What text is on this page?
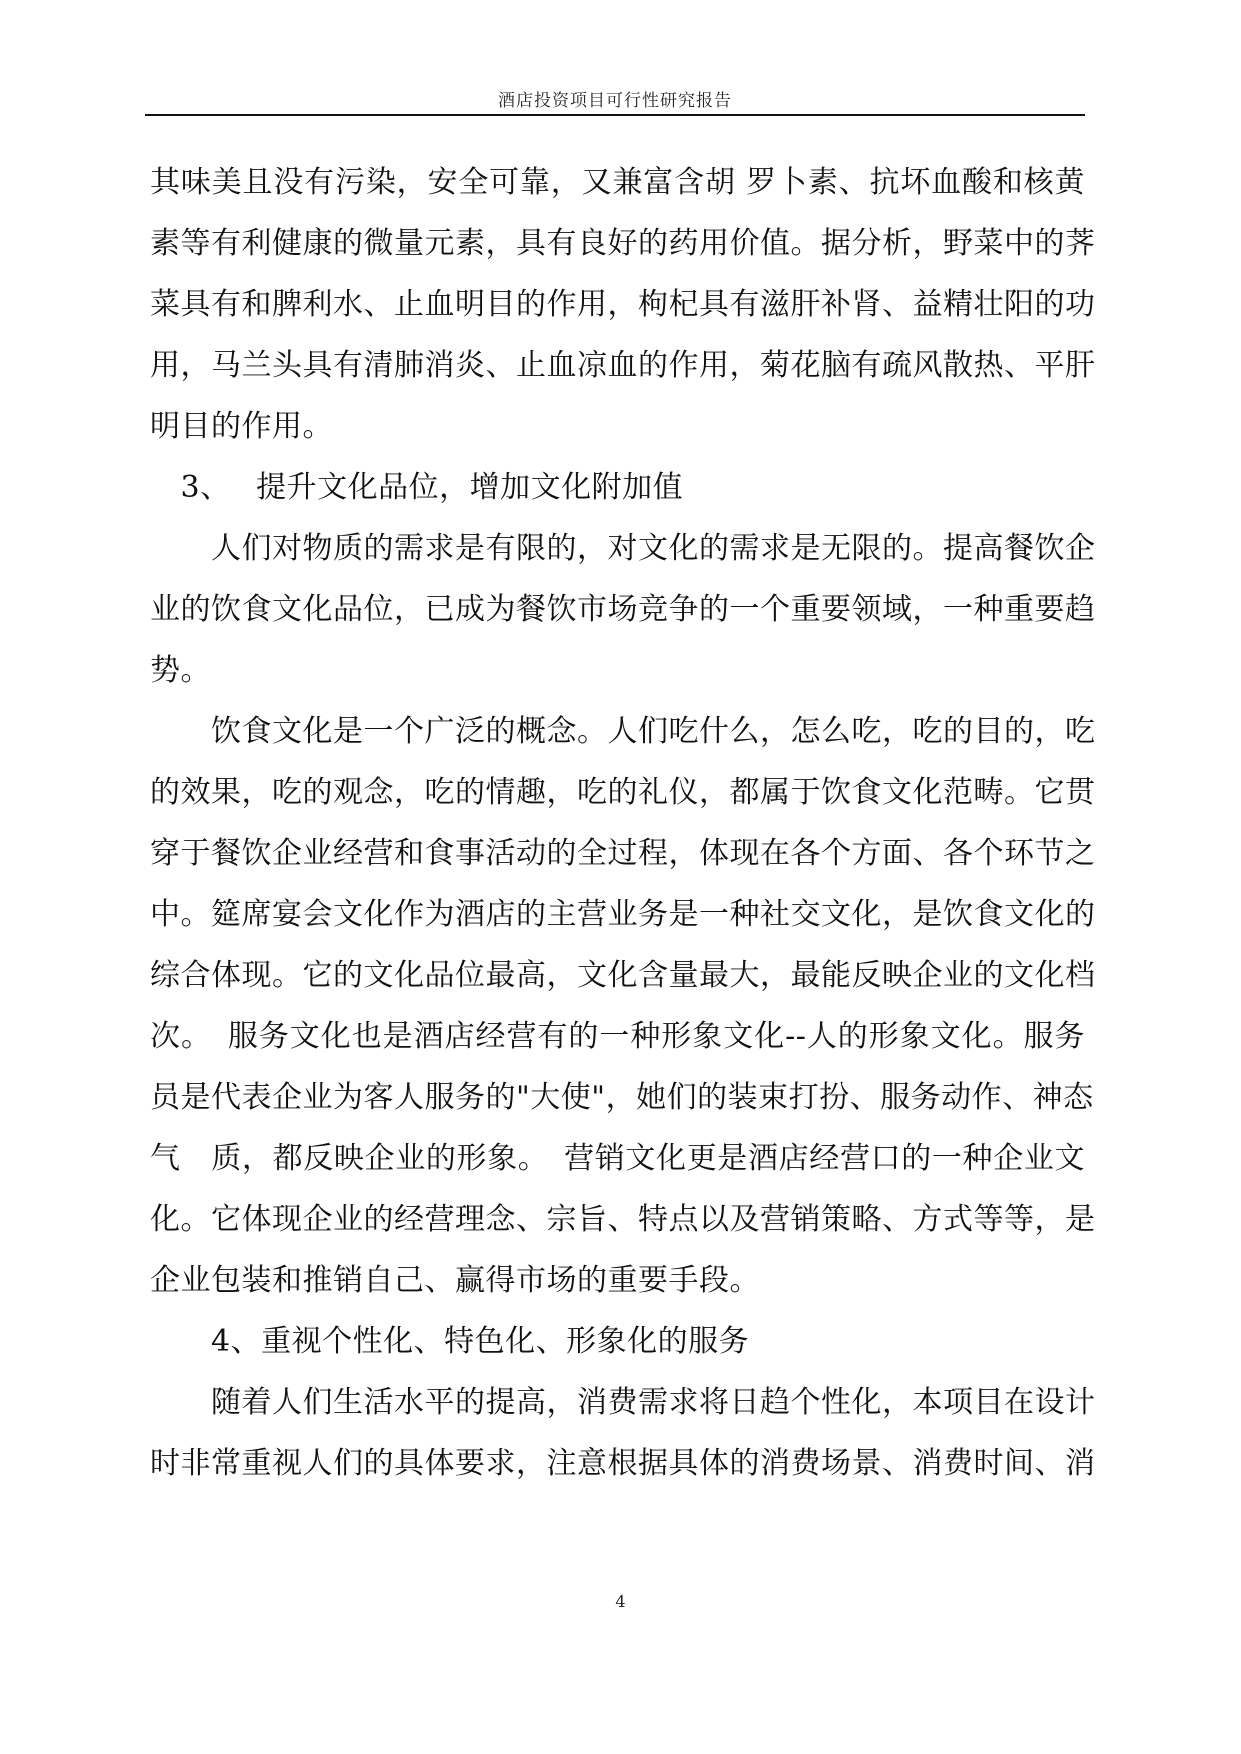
酒店投资项目可行性研究报告
其味美且没有污染，安全可靠，又兼富含胡 罗卜素、抗坏血酸和核黄
素等有利健康的微量元素，具有良好的药用价值。据分析，野菜中的荠
菜具有和脾利水、止血明目的作用，枸杞具有滋肝补肾、益精壮阳的功
用，马兰头具有清肺消炎、止血凉血的作用，菊花脑有疏风散热、平肝
明目的作用。
　3、　 提升文化品位，增加文化附加值
　　人们对物质的需求是有限的，对文化的需求是无限的。提高餐饮企
业的饮食文化品位，已成为餐饮市场竞争的一个重要领域，一种重要趋
势。
　　饮食文化是一个广泛的概念。人们吃什么，怎么吃，吃的目的，吃
的效果，吃的观念，吃的情趣，吃的礼仪，都属于饮食文化范畴。它贯
穿于餐饮企业经营和食事活动的全过程，体现在各个方面、各个环节之
中。筵席宴会文化作为酒店的主营业务是一种社交文化，是饮食文化的
综合体现。它的文化品位最高，文化含量最大，最能反映企业的文化档
次。　服务文化也是酒店经营有的一种形象文化--人的形象文化。服务
员是代表企业为客人服务的"大使"，她们的装束打扮、服务动作、神态
气　质，都反映企业的形象。　营销文化更是酒店经营口的一种企业文
化。它体现企业的经营理念、宗旨、特点以及营销策略、方式等等，是
企业包装和推销自己、赢得市场的重要手段。
　　4、重视个性化、特色化、形象化的服务
　　随着人们生活水平的提高，消费需求将日趋个性化，本项目在设计
时非常重视人们的具体要求，注意根据具体的消费场景、消费时间、消
4
